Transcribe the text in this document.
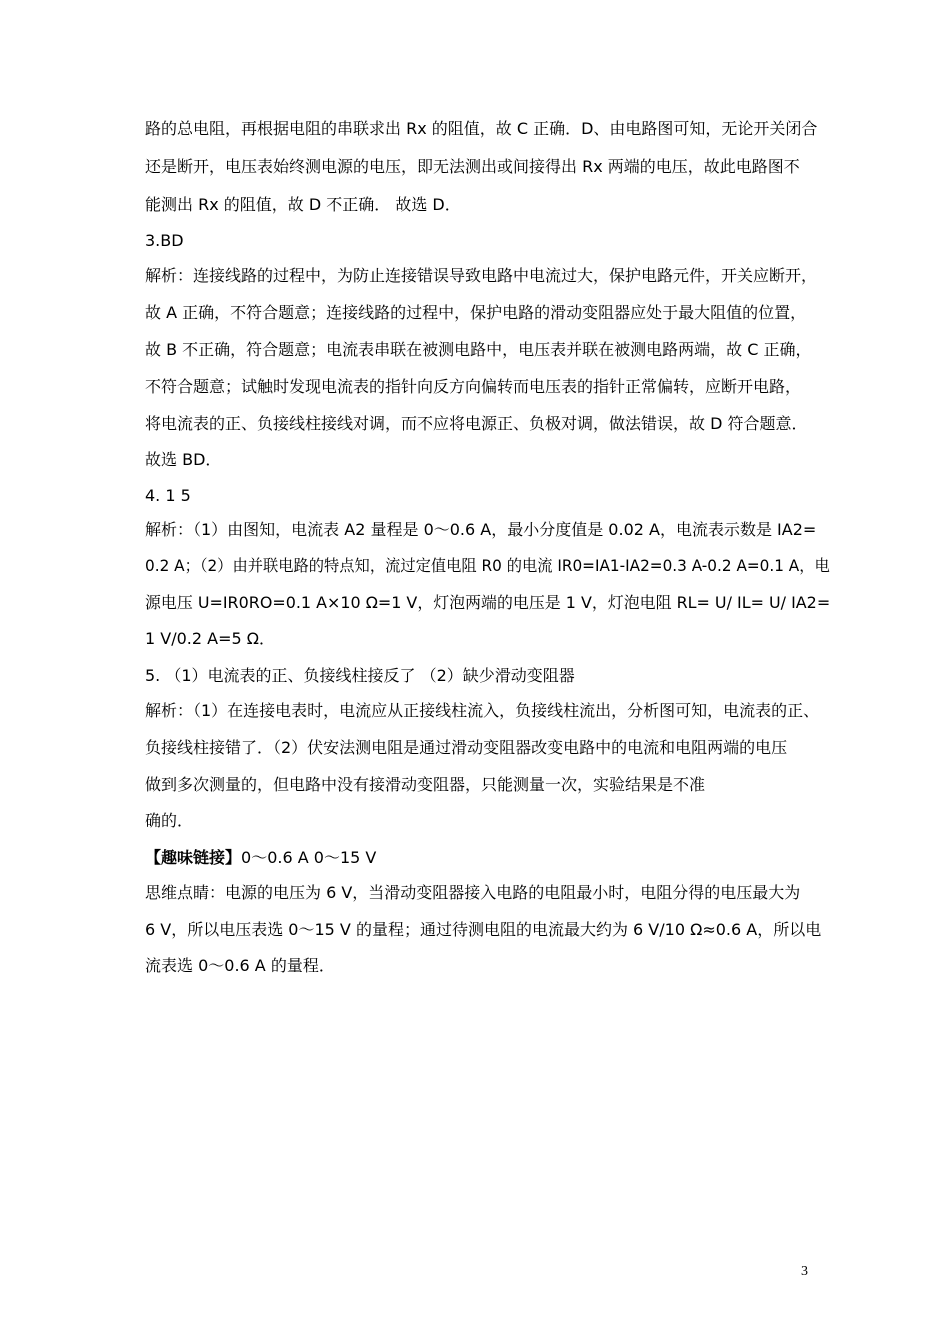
路的总电阻，再根据电阻的串联求出 Rx 的阻值，故 C 正确．D、由电路图可知，无论开关闭合
还是断开，电压表始终测电源的电压，即无法测出或间接得出 Rx 两端的电压，故此电路图不
能测出 Rx 的阻值，故 D 不正确． 故选 D．
3.BD
解析：连接线路的过程中，为防止连接错误导致电路中电流过大，保护电路元件，开关应断开，
故 A 正确，不符合题意；连接线路的过程中，保护电路的滑动变阻器应处于最大阻值的位置，
故 B 不正确，符合题意；电流表串联在被测电路中，电压表并联在被测电路两端，故 C 正确，
不符合题意；试触时发现电流表的指针向反方向偏转而电压表的指针正常偏转，应断开电路，
将电流表的正、负接线柱接线对调，而不应将电源正、负极对调，做法错误，故 D 符合题意．
故选 BD．
4. 1 5
解析：（1）由图知，电流表 A2 量程是 0～0.6 A，最小分度值是 0.02 A，电流表示数是 IA2=
0.2 A；（2）由并联电路的特点知，流过定值电阻 R0 的电流 IR0=IA1-IA2=0.3 A-0.2 A=0.1 A，电
源电压 U=IR0RO=0.1 A×10 Ω=1 V，灯泡两端的电压是 1 V，灯泡电阻 RL= U/ IL= U/ IA2=
1 V/0.2 A=5 Ω．
5. （1）电流表的正、负接线柱接反了 （2）缺少滑动变阻器
解析：（1）在连接电表时，电流应从正接线柱流入，负接线柱流出，分析图可知，电流表的正、
负接线柱接错了．（2）伏安法测电阻是通过滑动变阻器改变电路中的电流和电阻两端的电压
做到多次测量的，但电路中没有接滑动变阻器，只能测量一次，实验结果是不准
确的．
【趣味链接】0～0.6 A 0～15 V
思维点睛：电源的电压为 6 V，当滑动变阻器接入电路的电阻最小时，电阻分得的电压最大为
6 V，所以电压表选 0～15 V 的量程；通过待测电阻的电流最大约为 6 V/10 Ω≈0.6 A，所以电
流表选 0～0.6 A 的量程．
3
